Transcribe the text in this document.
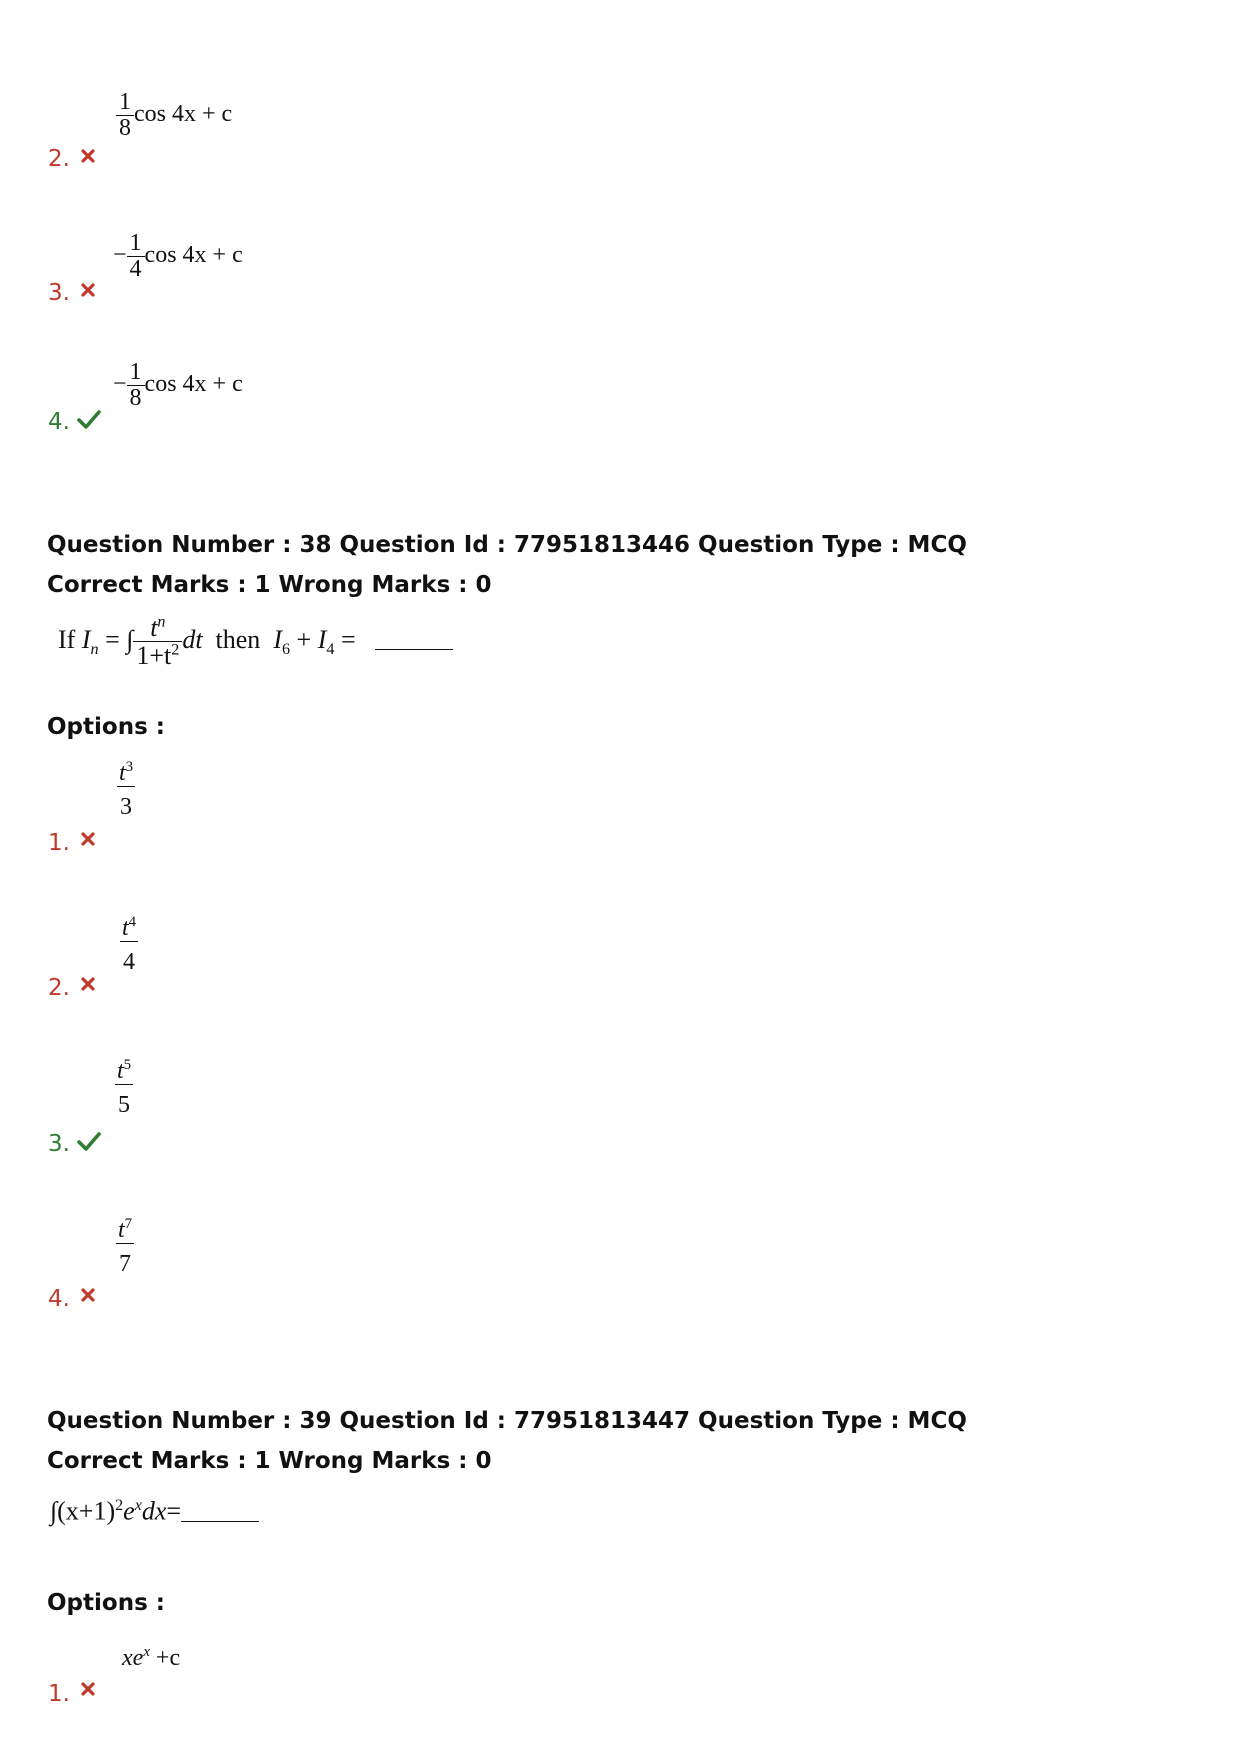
2.
$\frac{1}{8}$ cos 4x + c
3.
− $\frac{1}{4}$ cos 4x + c
4.
− $\frac{1}{8}$ cos 4x + c
Question Number : 38 Question Id : 77951813446 Question Type : MCQ
Correct Marks : 1 Wrong Marks : 0
If $I_n$ = ∫ $\frac{t^n}{1+t^2}$ dt then $I_6 + I_4$ =
Options :
1.
$\frac{t^3}{3}$
2.
$\frac{t^4}{4}$
3.
$\frac{t^5}{5}$
4.
$\frac{t^7}{7}$
Question Number : 39 Question Id : 77951813447 Question Type : MCQ
Correct Marks : 1 Wrong Marks : 0
$\int(x+1)^2e^xdx=$
Options :
1.
$xe^x +c$
